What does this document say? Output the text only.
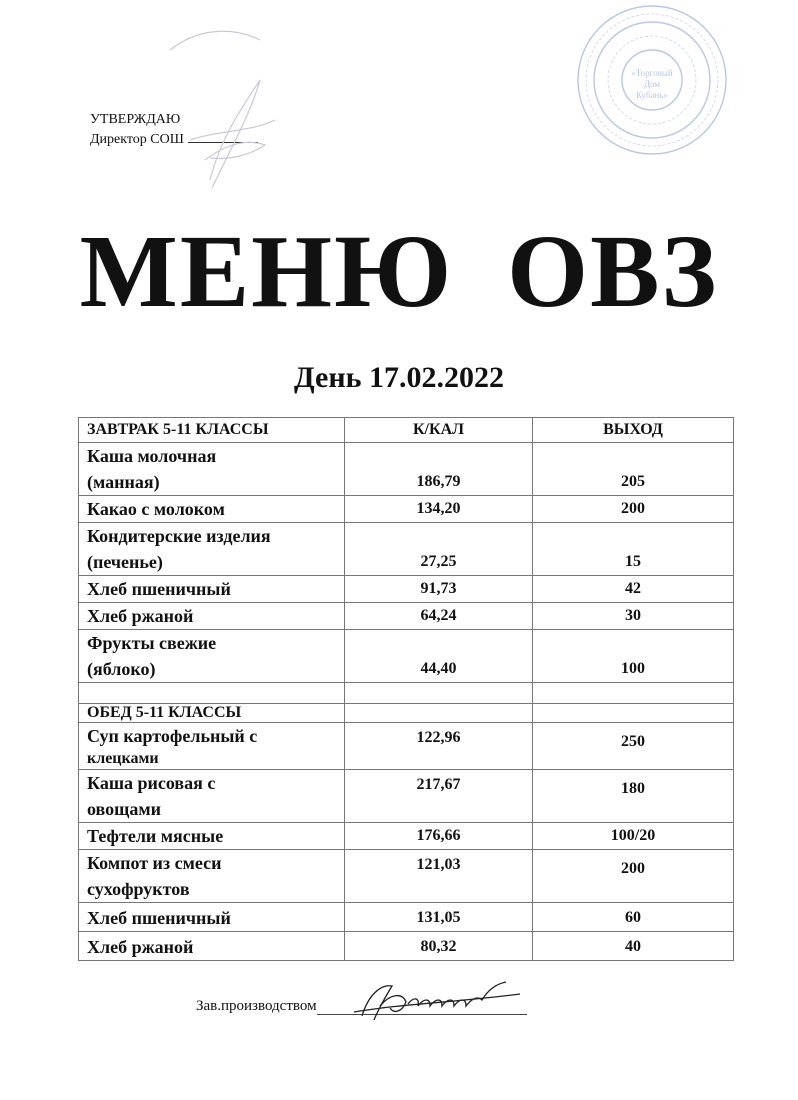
УТВЕРЖДАЮ
Директор СОШ
«Торговый
Дом
Кубань»
МЕНЮ ОВЗ
День 17.02.2022
ЗАВТРАК 5-11 КЛАССЫ	К/КАЛ	ВЫХОД

Каша молочная
(манная)	186,79	205
Какао с молоком	134,20	200

Кондитерские изделия
(печенье)	27,25	15
Хлеб пшеничный	91,73	42
Хлеб ржаной	64,24	30

Фрукты свежие
(яблоко)	44,40	100

ОБЕД 5-11 КЛАССЫ		

Суп картофельный с
клецками	122,96	250

Каша рисовая с
овощами	217,67	180
Тефтели мясные	176,66	100/20

Компот из смеси
сухофруктов	121,03	200
Хлеб пшеничный	131,05	60
Хлеб ржаной	80,32	40
Зав.производством
